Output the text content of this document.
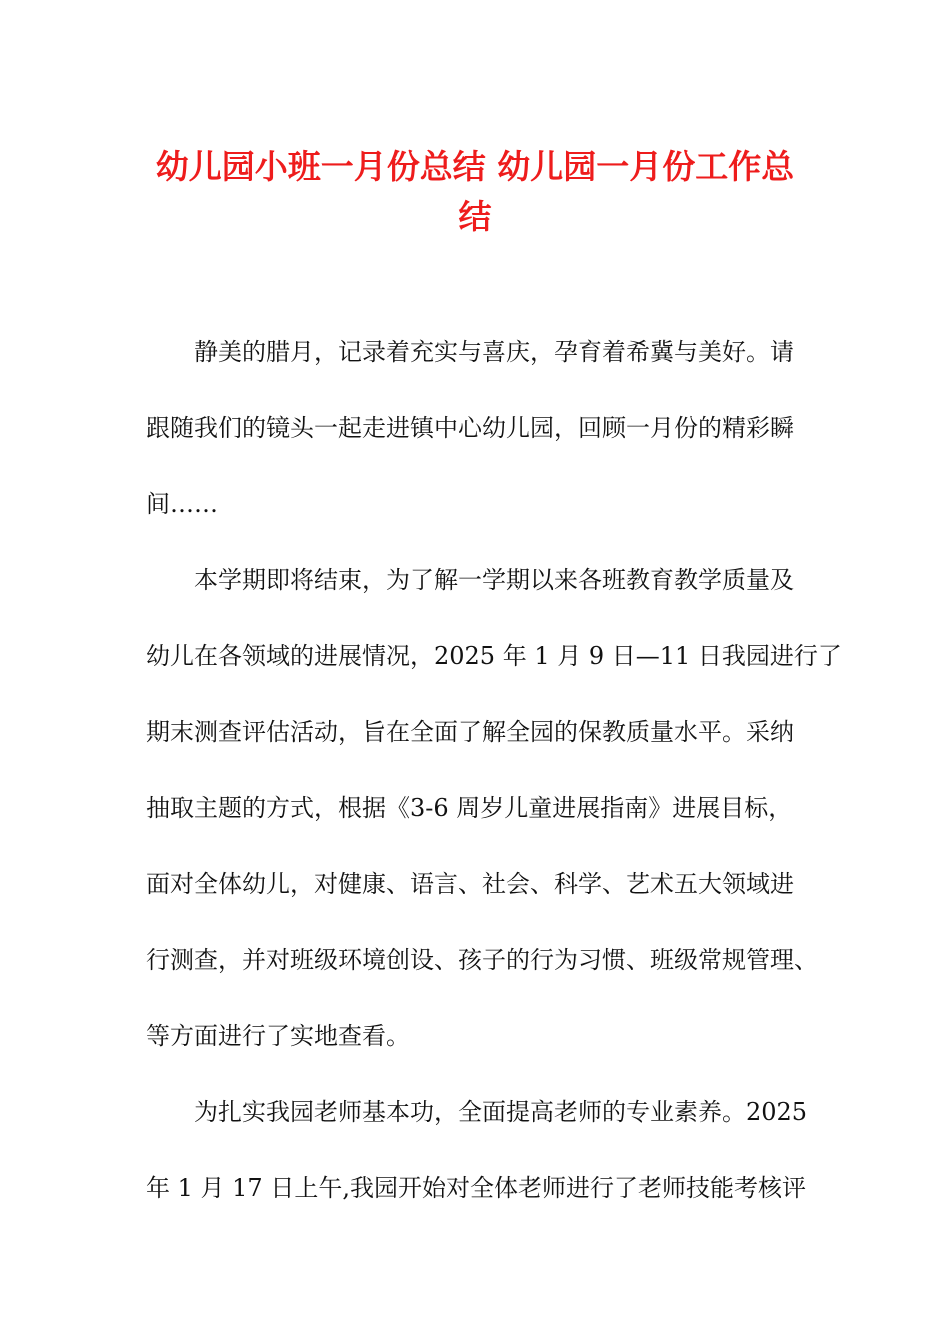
幼儿园小班一月份总结 幼儿园一月份工作总
结

静美的腊月，记录着充实与喜庆，孕育着希冀与美好。请

跟随我们的镜头一起走进镇中心幼儿园，回顾一月份的精彩瞬

间……

本学期即将结束，为了解一学期以来各班教育教学质量及

幼儿在各领域的进展情况，2025 年 1 月 9 日—11 日我园进行了

期末测查评估活动，旨在全面了解全园的保教质量水平。采纳

抽取主题的方式，根据《3-6 周岁儿童进展指南》进展目标，

面对全体幼儿，对健康、语言、社会、科学、艺术五大领域进

行测查，并对班级环境创设、孩子的行为习惯、班级常规管理、

等方面进行了实地查看。

为扎实我园老师基本功，全面提高老师的专业素养。2025

年 1 月 17 日上午,我园开始对全体老师进行了老师技能考核评
